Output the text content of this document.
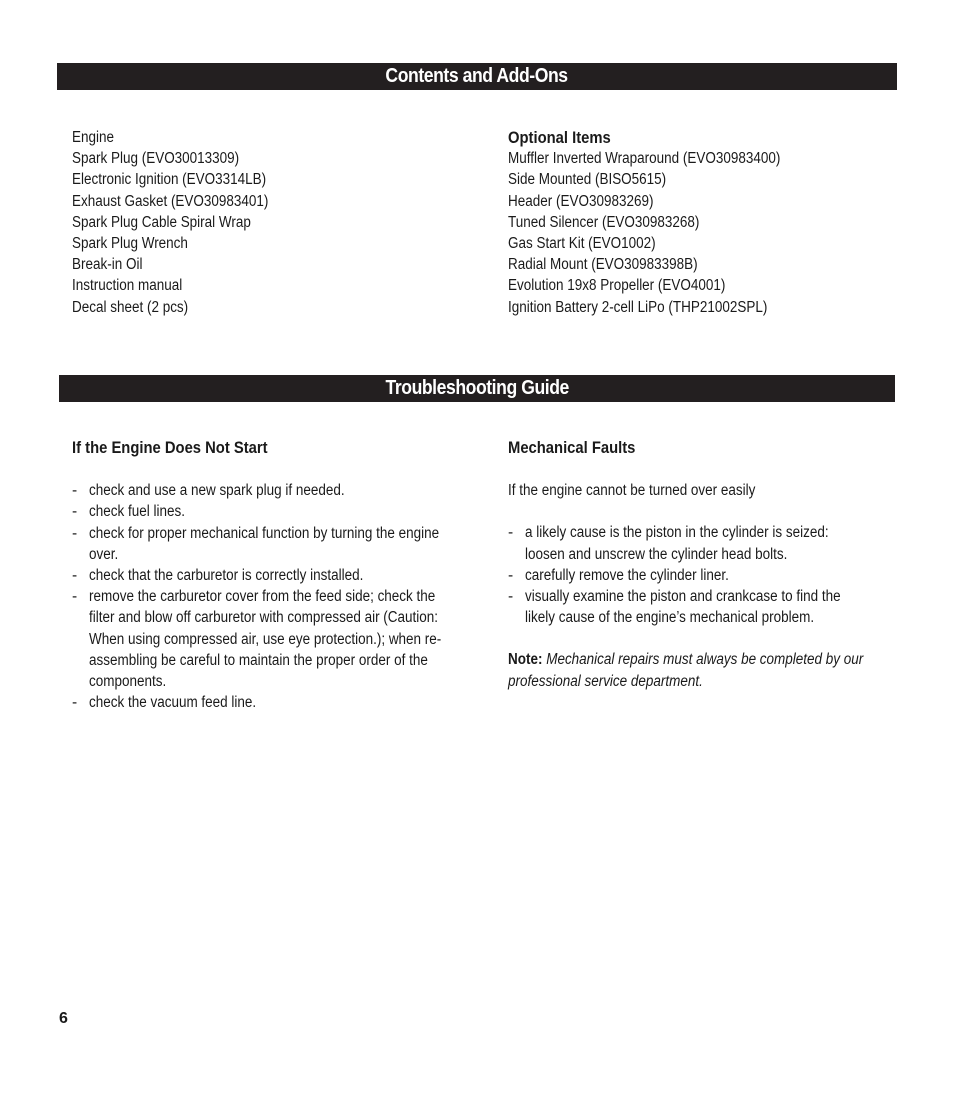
Contents and Add-Ons
Engine
Spark Plug (EVO30013309)
Electronic Ignition (EVO3314LB)
Exhaust Gasket (EVO30983401)
Spark Plug Cable Spiral Wrap
Spark Plug Wrench
Break-in Oil
Instruction manual
Decal sheet (2 pcs)
Optional Items
Muffler Inverted Wraparound (EVO30983400)
Side Mounted (BISO5615)
Header (EVO30983269)
Tuned Silencer (EVO30983268)
Gas Start Kit (EVO1002)
Radial Mount (EVO30983398B)
Evolution 19x8 Propeller (EVO4001)
Ignition Battery 2-cell LiPo (THP21002SPL)
Troubleshooting Guide
If the Engine Does Not Start
- check and use a new spark plug if needed.
- check fuel lines.
- check for proper mechanical function by turning the engine over.
- check that the carburetor is correctly installed.
- remove the carburetor cover from the feed side; check the filter and blow off carburetor with compressed air (Caution: When using compressed air, use eye protection.); when re-assembling be careful to maintain the proper order of the components.
- check the vacuum feed line.
Mechanical Faults
If the engine cannot be turned over easily
- a likely cause is the piston in the cylinder is seized: loosen and unscrew the cylinder head bolts.
- carefully remove the cylinder liner.
- visually examine the piston and crankcase to find the likely cause of the engine’s mechanical problem.
Note: Mechanical repairs must always be completed by our professional service department.
6
